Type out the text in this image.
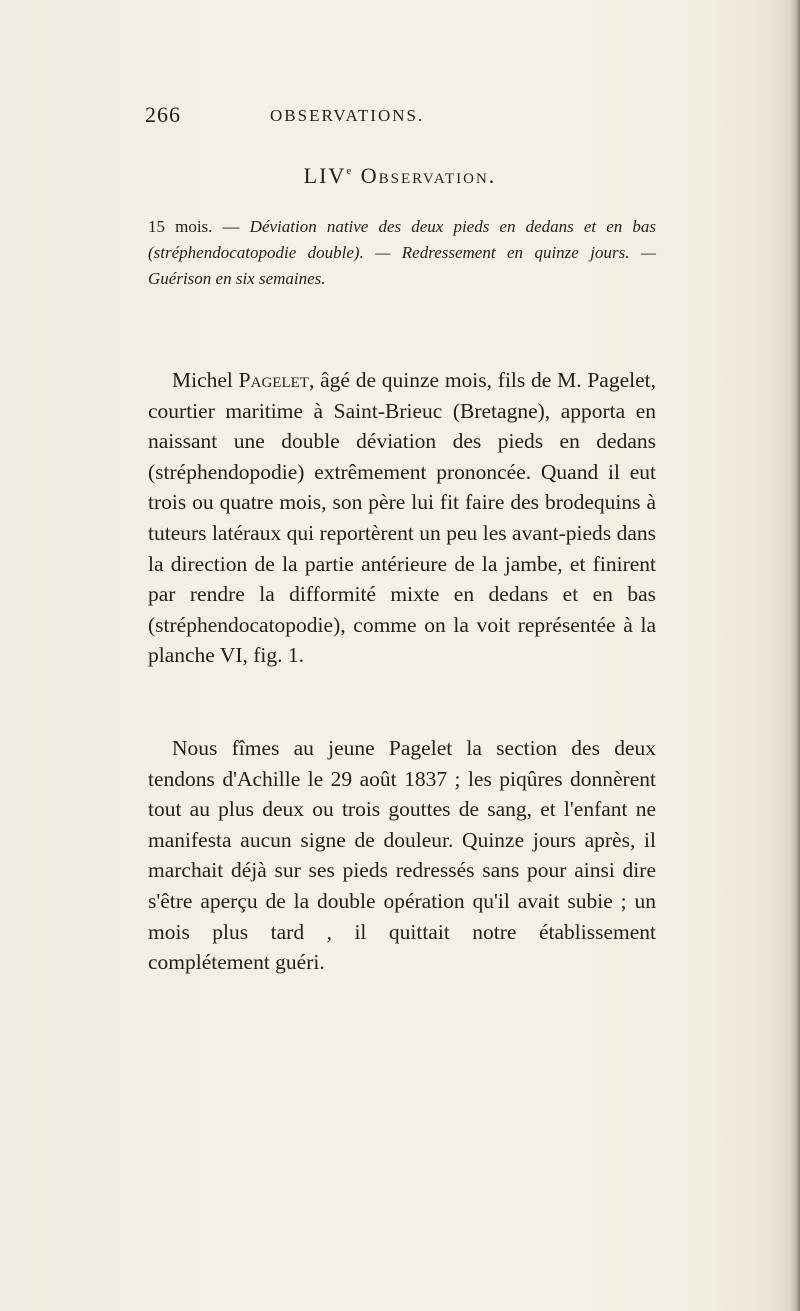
266	OBSERVATIONS.
LIVe Observation.

15 mois. — Déviation native des deux pieds en dedans et en bas (stréphendocatopodie double). — Redressement en quinze jours. — Guérison en six semaines.

Michel Pagelet, âgé de quinze mois, fils de M. Pagelet, courtier maritime à Saint-Brieuc (Bretagne), apporta en naissant une double déviation des pieds en dedans (stréphendopodie) extrêmement prononcée. Quand il eut trois ou quatre mois, son père lui fit faire des brodequins à tuteurs latéraux qui reportèrent un peu les avant-pieds dans la direction de la partie antérieure de la jambe, et finirent par rendre la difformité mixte en dedans et en bas (stréphendocatopodie), comme on la voit représentée à la planche VI, fig. 1.

Nous fîmes au jeune Pagelet la section des deux tendons d'Achille le 29 août 1837 ; les piqûres donnèrent tout au plus deux ou trois gouttes de sang, et l'enfant ne manifesta aucun signe de douleur. Quinze jours après, il marchait déjà sur ses pieds redressés sans pour ainsi dire s'être aperçu de la double opération qu'il avait subie ; un mois plus tard , il quittait notre établissement complétement guéri.
